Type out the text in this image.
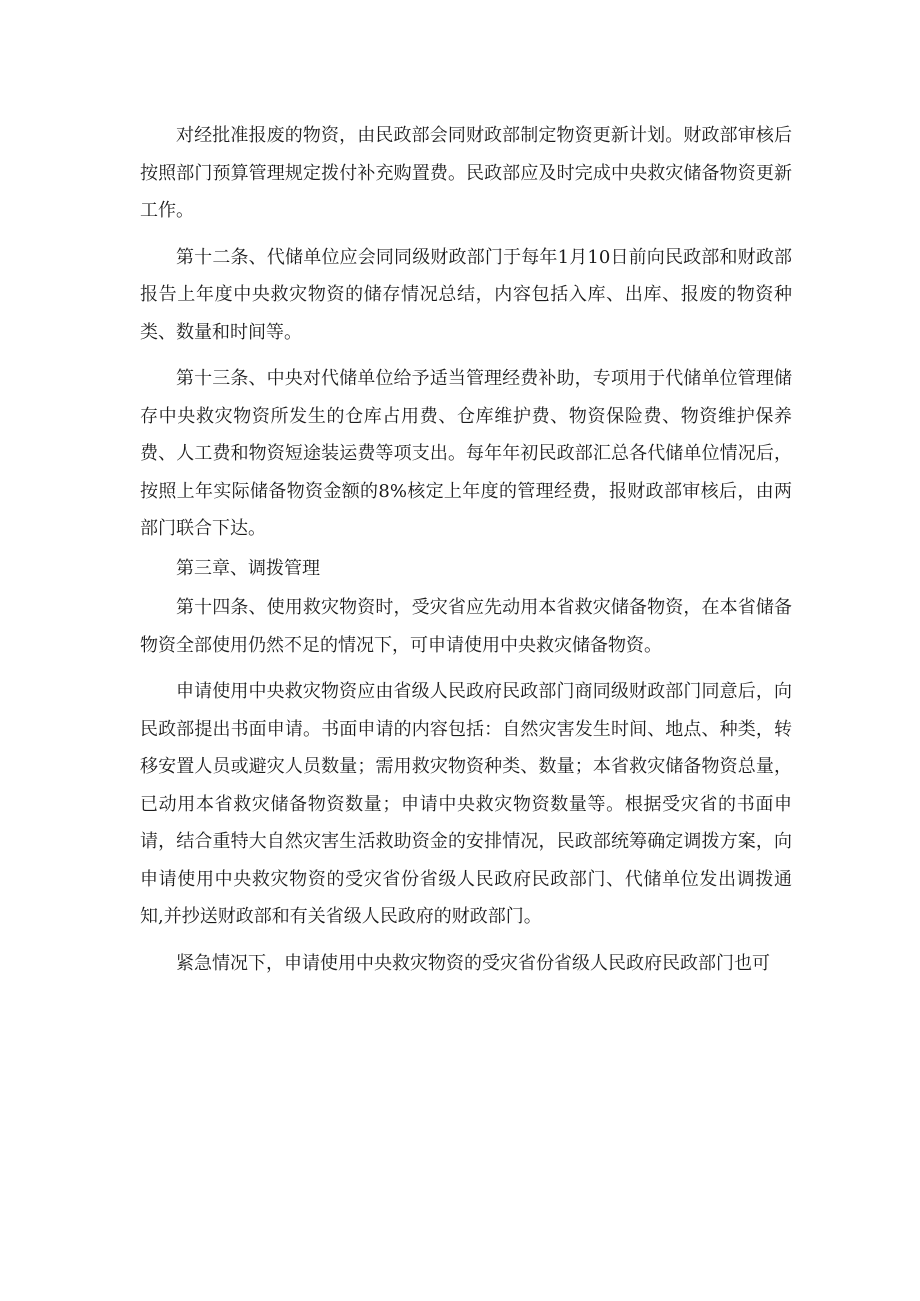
对经批准报废的物资，由民政部会同财政部制定物资更新计划。财政部审核后按照部门预算管理规定拨付补充购置费。民政部应及时完成中央救灾储备物资更新工作。

第十二条、代储单位应会同同级财政部门于每年1月10日前向民政部和财政部报告上年度中央救灾物资的储存情况总结，内容包括入库、出库、报废的物资种类、数量和时间等。

第十三条、中央对代储单位给予适当管理经费补助，专项用于代储单位管理储存中央救灾物资所发生的仓库占用费、仓库维护费、物资保险费、物资维护保养费、人工费和物资短途装运费等项支出。每年年初民政部汇总各代储单位情况后，按照上年实际储备物资金额的8%核定上年度的管理经费，报财政部审核后，由两部门联合下达。

第三章、调拨管理

第十四条、使用救灾物资时，受灾省应先动用本省救灾储备物资，在本省储备物资全部使用仍然不足的情况下，可申请使用中央救灾储备物资。

申请使用中央救灾物资应由省级人民政府民政部门商同级财政部门同意后，向民政部提出书面申请。书面申请的内容包括：自然灾害发生时间、地点、种类，转移安置人员或避灾人员数量；需用救灾物资种类、数量；本省救灾储备物资总量，已动用本省救灾储备物资数量；申请中央救灾物资数量等。根据受灾省的书面申请，结合重特大自然灾害生活救助资金的安排情况，民政部统筹确定调拨方案，向申请使用中央救灾物资的受灾省份省级人民政府民政部门、代储单位发出调拨通知,并抄送财政部和有关省级人民政府的财政部门。

紧急情况下，申请使用中央救灾物资的受灾省份省级人民政府民政部门也可
